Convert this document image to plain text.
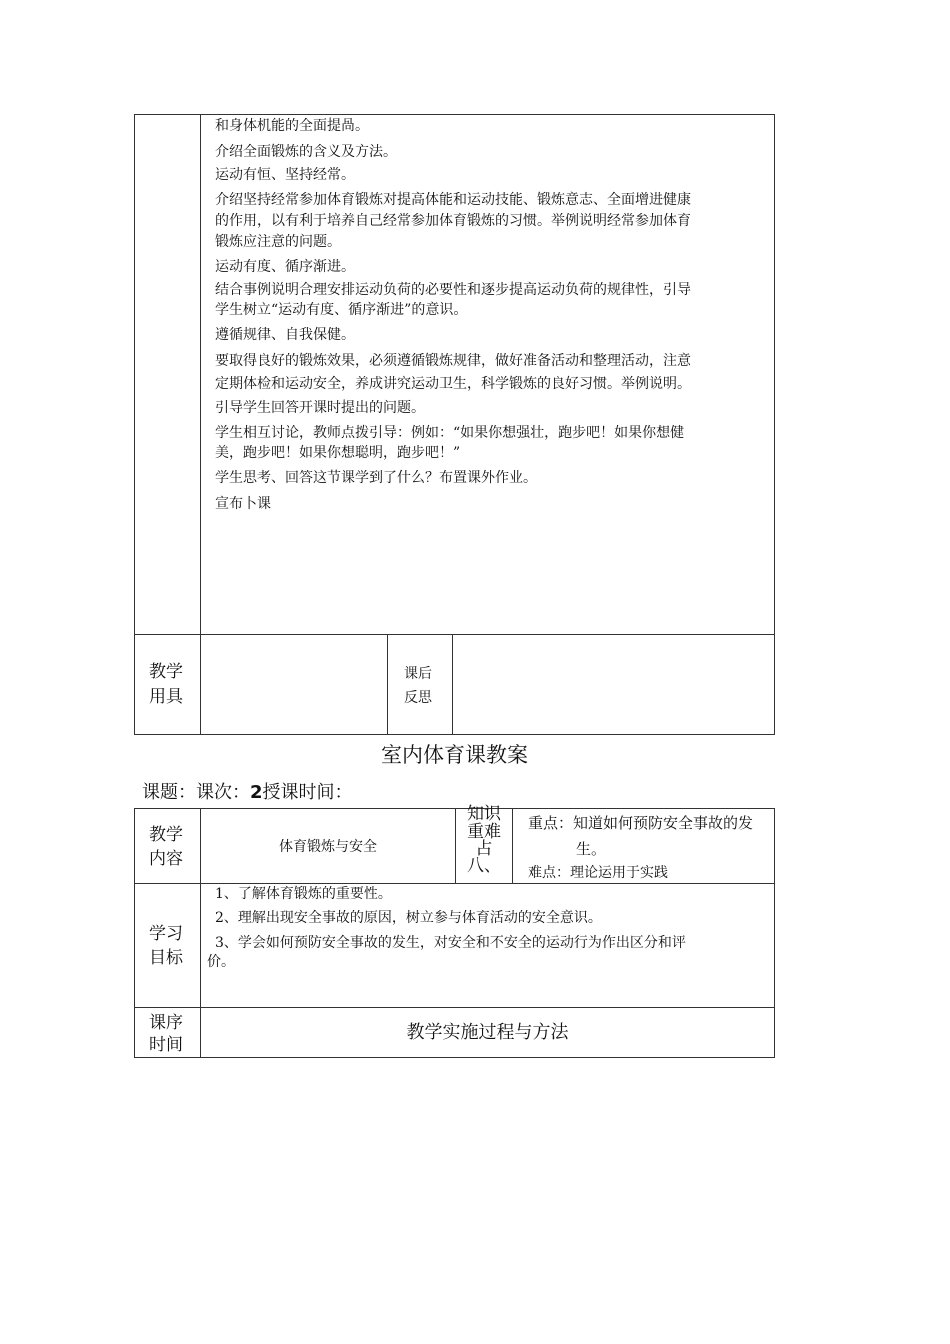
和身体机能的全面提咼。
介绍全面锻炼的含义及方法。
运动有恒、坚持经常。
介绍坚持经常参加体育锻炼对提高体能和运动技能、锻炼意志、全面增进健康
的作用，以有利于培养自己经常参加体育锻炼的习惯。举例说明经常参加体育
锻炼应注意的问题。
运动有度、循序渐进。
结合事例说明合理安排运动负荷的必要性和逐步提高运动负荷的规律性，引导
学生树立“运动有度、循序渐进”的意识。
遵循规律、自我保健。
要取得良好的锻炼效果，必须遵循锻炼规律，做好准备活动和整理活动，注意
定期体检和运动安全，养成讲究运动卫生，科学锻炼的良好习惯。举例说明。
引导学生回答开课时提出的问题。
学生相互讨论，教师点拨引导：例如：“如果你想强壮，跑步吧！如果你想健
美，跑步吧！如果你想聪明，跑步吧！”
学生思考、回答这节课学到了什么？布置课外作业。
宣布卜课
教学
用具
课后
反思
室内体育课教案
课题：课次：2授课时间：
教学
内容
体育锻炼与安全
知识
重难
占
八、
重点：知道如何预防安全事故的发
生。
难点：理论运用于实践
学习
目标
1、了解体育锻炼的重要性。
2、理解出现安全事故的原因，树立参与体育活动的安全意识。
3、学会如何预防安全事故的发生，对安全和不安全的运动行为作出区分和评
价。
课序
时间
教学实施过程与方法
